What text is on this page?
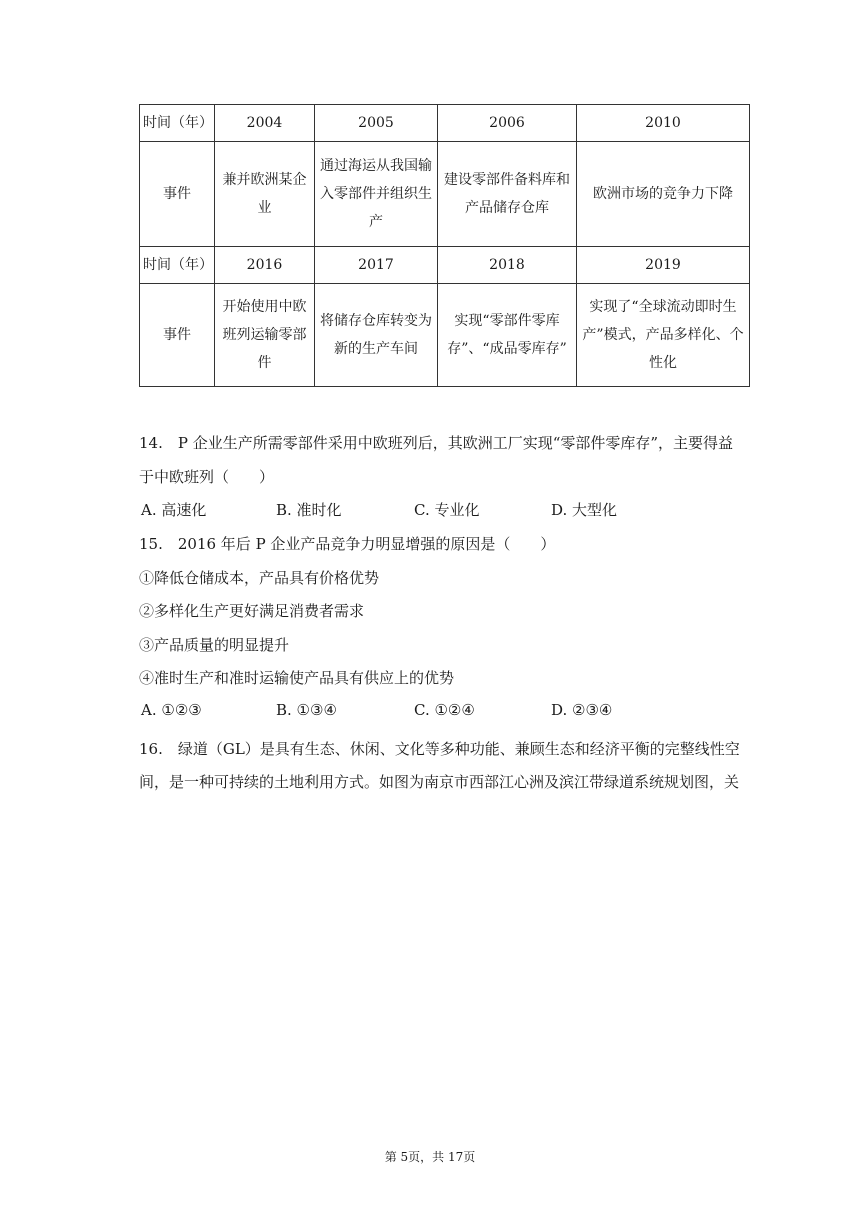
时间（年）	2004	2005	2006	2010
事件	兼并欧洲某企业	通过海运从我国输入零部件并组织生产	建设零部件备料库和产品储存仓库	欧洲市场的竞争力下降
时间（年）	2016	2017	2018	2019
事件	开始使用中欧班列运输零部件	将储存仓库转变为新的生产车间	实现“零部件零库存”、“成品零库存”	实现了“全球流动即时生产”模式，产品多样化、个性化
14.　P 企业生产所需零部件采用中欧班列后，其欧洲工厂实现“零部件零库存”，主要得益
于中欧班列（　　）
A. 高速化	B. 准时化	C. 专业化	D. 大型化
15.　2016 年后 P 企业产品竞争力明显增强的原因是（　　）
①降低仓储成本，产品具有价格优势
②多样化生产更好满足消费者需求
③产品质量的明显提升
④准时生产和准时运输使产品具有供应上的优势
A. ①②③	B. ①③④	C. ①②④	D. ②③④
16.　绿道（GL）是具有生态、休闲、文化等多种功能、兼顾生态和经济平衡的完整线性空
间，是一种可持续的土地利用方式。如图为南京市西部江心洲及滨江带绿道系统规划图，关
第 5页，共 17页
